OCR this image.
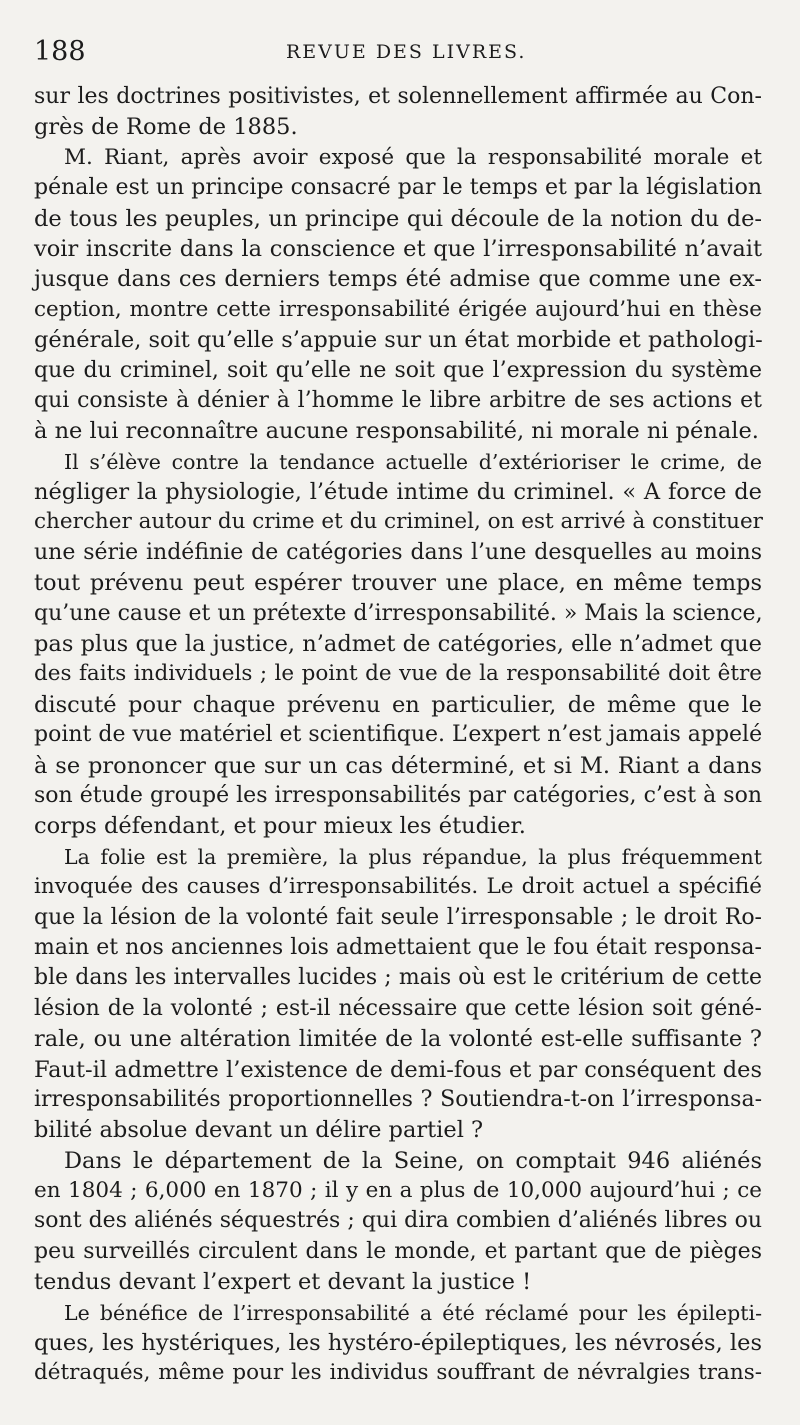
188	REVUE DES LIVRES.
sur les doctrines positivistes, et solennellement affirmée au Con-
grès de Rome de 1885.
M. Riant, après avoir exposé que la responsabilité morale et
pénale est un principe consacré par le temps et par la législation
de tous les peuples, un principe qui découle de la notion du de-
voir inscrite dans la conscience et que l’irresponsabilité n’avait
jusque dans ces derniers temps été admise que comme une ex-
ception, montre cette irresponsabilité érigée aujourd’hui en thèse
générale, soit qu’elle s’appuie sur un état morbide et pathologi-
que du criminel, soit qu’elle ne soit que l’expression du système
qui consiste à dénier à l’homme le libre arbitre de ses actions et
à ne lui reconnaître aucune responsabilité, ni morale ni pénale.
Il s’élève contre la tendance actuelle d’extérioriser le crime, de
négliger la physiologie, l’étude intime du criminel. « A force de
chercher autour du crime et du criminel, on est arrivé à constituer
une série indéfinie de catégories dans l’une desquelles au moins
tout prévenu peut espérer trouver une place, en même temps
qu’une cause et un prétexte d’irresponsabilité. » Mais la science,
pas plus que la justice, n’admet de catégories, elle n’admet que
des faits individuels ; le point de vue de la responsabilité doit être
discuté pour chaque prévenu en particulier, de même que le
point de vue matériel et scientifique. L’expert n’est jamais appelé
à se prononcer que sur un cas déterminé, et si M. Riant a dans
son étude groupé les irresponsabilités par catégories, c’est à son
corps défendant, et pour mieux les étudier.
La folie est la première, la plus répandue, la plus fréquemment
invoquée des causes d’irresponsabilités. Le droit actuel a spécifié
que la lésion de la volonté fait seule l’irresponsable ; le droit Ro-
main et nos anciennes lois admettaient que le fou était responsa-
ble dans les intervalles lucides ; mais où est le critérium de cette
lésion de la volonté ; est-il nécessaire que cette lésion soit géné-
rale, ou une altération limitée de la volonté est-elle suffisante ?
Faut-il admettre l’existence de demi-fous et par conséquent des
irresponsabilités proportionnelles ? Soutiendra-t-on l’irresponsa-
bilité absolue devant un délire partiel ?
Dans le département de la Seine, on comptait 946 aliénés
en 1804 ; 6,000 en 1870 ; il y en a plus de 10,000 aujourd’hui ; ce
sont des aliénés séquestrés ; qui dira combien d’aliénés libres ou
peu surveillés circulent dans le monde, et partant que de pièges
tendus devant l’expert et devant la justice !
Le bénéfice de l’irresponsabilité a été réclamé pour les épilepti-
ques, les hystériques, les hystéro-épileptiques, les névrosés, les
détraqués, même pour les individus souffrant de névralgies trans-
